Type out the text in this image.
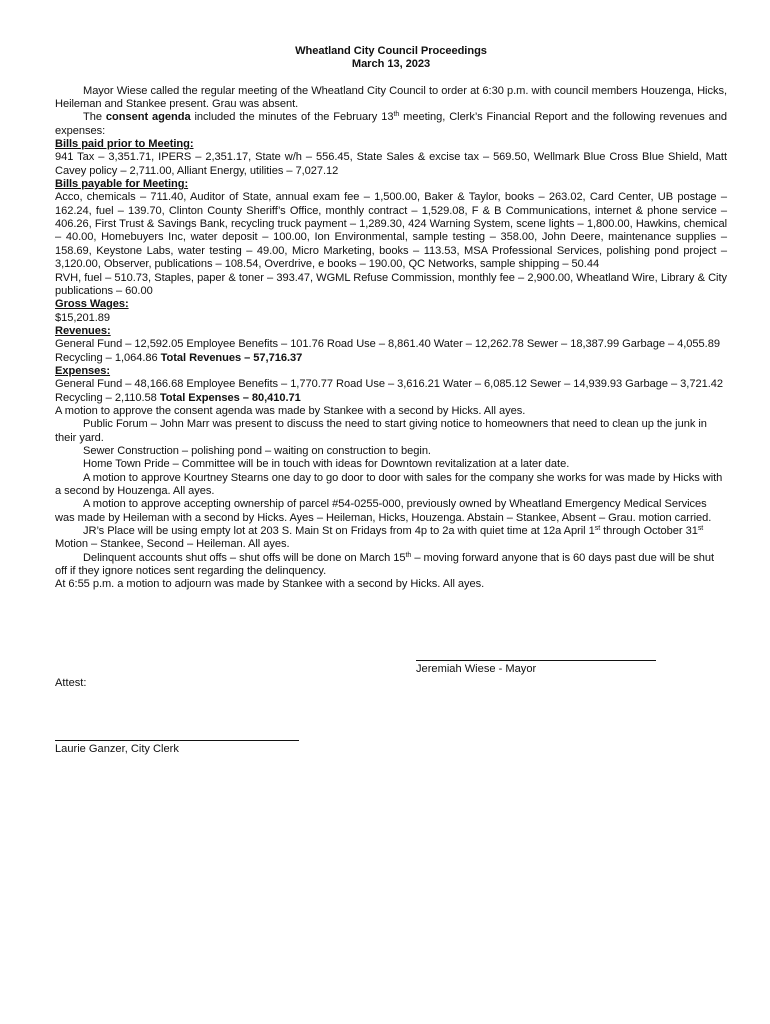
Wheatland City Council Proceedings
March 13, 2023

Mayor Wiese called the regular meeting of the Wheatland City Council to order at 6:30 p.m. with council members Houzenga, Hicks, Heileman and Stankee present. Grau was absent.

The consent agenda included the minutes of the February 13th meeting, Clerk’s Financial Report and the following revenues and expenses:

Bills paid prior to Meeting:

941 Tax – 3,351.71, IPERS – 2,351.17, State w/h – 556.45, State Sales & excise tax – 569.50, Wellmark Blue Cross Blue Shield, Matt Cavey policy – 2,711.00, Alliant Energy, utilities – 7,027.12

Bills payable for Meeting:

Acco, chemicals – 711.40, Auditor of State, annual exam fee – 1,500.00, Baker & Taylor, books – 263.02, Card Center, UB postage – 162.24, fuel – 139.70, Clinton County Sheriff’s Office, monthly contract – 1,529.08, F & B Communications, internet & phone service – 406.26, First Trust & Savings Bank, recycling truck payment – 1,289.30, 424 Warning System, scene lights – 1,800.00, Hawkins, chemical – 40.00, Homebuyers Inc, water deposit – 100.00, Ion Environmental, sample testing – 358.00, John Deere, maintenance supplies – 158.69, Keystone Labs, water testing – 49.00, Micro Marketing, books – 113.53, MSA Professional Services, polishing pond project – 3,120.00, Observer, publications – 108.54, Overdrive, e books – 190.00, QC Networks, sample shipping – 50.44

RVH, fuel – 510.73, Staples, paper & toner – 393.47, WGML Refuse Commission, monthly fee – 2,900.00, Wheatland Wire, Library & City publications – 60.00

Gross Wages:

$15,201.89

Revenues:

General Fund – 12,592.05 Employee Benefits – 101.76 Road Use – 8,861.40 Water – 12,262.78 Sewer – 18,387.99 Garbage – 4,055.89 Recycling – 1,064.86 Total Revenues – 57,716.37

Expenses:

General Fund – 48,166.68 Employee Benefits – 1,770.77 Road Use – 3,616.21 Water – 6,085.12 Sewer – 14,939.93 Garbage – 3,721.42 Recycling – 2,110.58 Total Expenses – 80,410.71

A motion to approve the consent agenda was made by Stankee with a second by Hicks. All ayes.

Public Forum – John Marr was present to discuss the need to start giving notice to homeowners that need to clean up the junk in their yard.

Sewer Construction – polishing pond – waiting on construction to begin.

Home Town Pride – Committee will be in touch with ideas for Downtown revitalization at a later date.

A motion to approve Kourtney Stearns one day to go door to door with sales for the company she works for was made by Hicks with a second by Houzenga. All ayes.

A motion to approve accepting ownership of parcel #54-0255-000, previously owned by Wheatland Emergency Medical Services was made by Heileman with a second by Hicks. Ayes – Heileman, Hicks, Houzenga. Abstain – Stankee, Absent – Grau. motion carried.

JR’s Place will be using empty lot at 203 S. Main St on Fridays from 4p to 2a with quiet time at 12a April 1st through October 31st Motion – Stankee, Second – Heileman. All ayes.

Delinquent accounts shut offs – shut offs will be done on March 15th – moving forward anyone that is 60 days past due will be shut off if they ignore notices sent regarding the delinquency.

At 6:55 p.m. a motion to adjourn was made by Stankee with a second by Hicks. All ayes.

Jeremiah Wiese - Mayor
Attest:
Laurie Ganzer, City Clerk
